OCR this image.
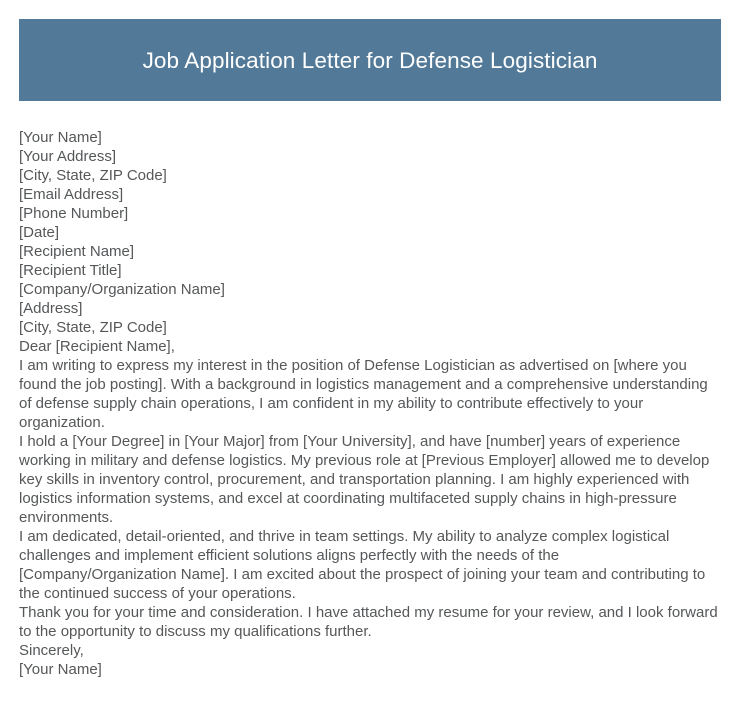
Job Application Letter for Defense Logistician
[Your Name]
[Your Address]
[City, State, ZIP Code]
[Email Address]
[Phone Number]
[Date]
[Recipient Name]
[Recipient Title]
[Company/Organization Name]
[Address]
[City, State, ZIP Code]
Dear [Recipient Name],

I am writing to express my interest in the position of Defense Logistician as advertised on [where you found the job posting]. With a background in logistics management and a comprehensive understanding of defense supply chain operations, I am confident in my ability to contribute effectively to your organization.

I hold a [Your Degree] in [Your Major] from [Your University], and have [number] years of experience working in military and defense logistics. My previous role at [Previous Employer] allowed me to develop key skills in inventory control, procurement, and transportation planning. I am highly experienced with logistics information systems, and excel at coordinating multifaceted supply chains in high-pressure environments.

I am dedicated, detail-oriented, and thrive in team settings. My ability to analyze complex logistical challenges and implement efficient solutions aligns perfectly with the needs of the [Company/Organization Name]. I am excited about the prospect of joining your team and contributing to the continued success of your operations.

Thank you for your time and consideration. I have attached my resume for your review, and I look forward to the opportunity to discuss my qualifications further.

Sincerely,
[Your Name]
